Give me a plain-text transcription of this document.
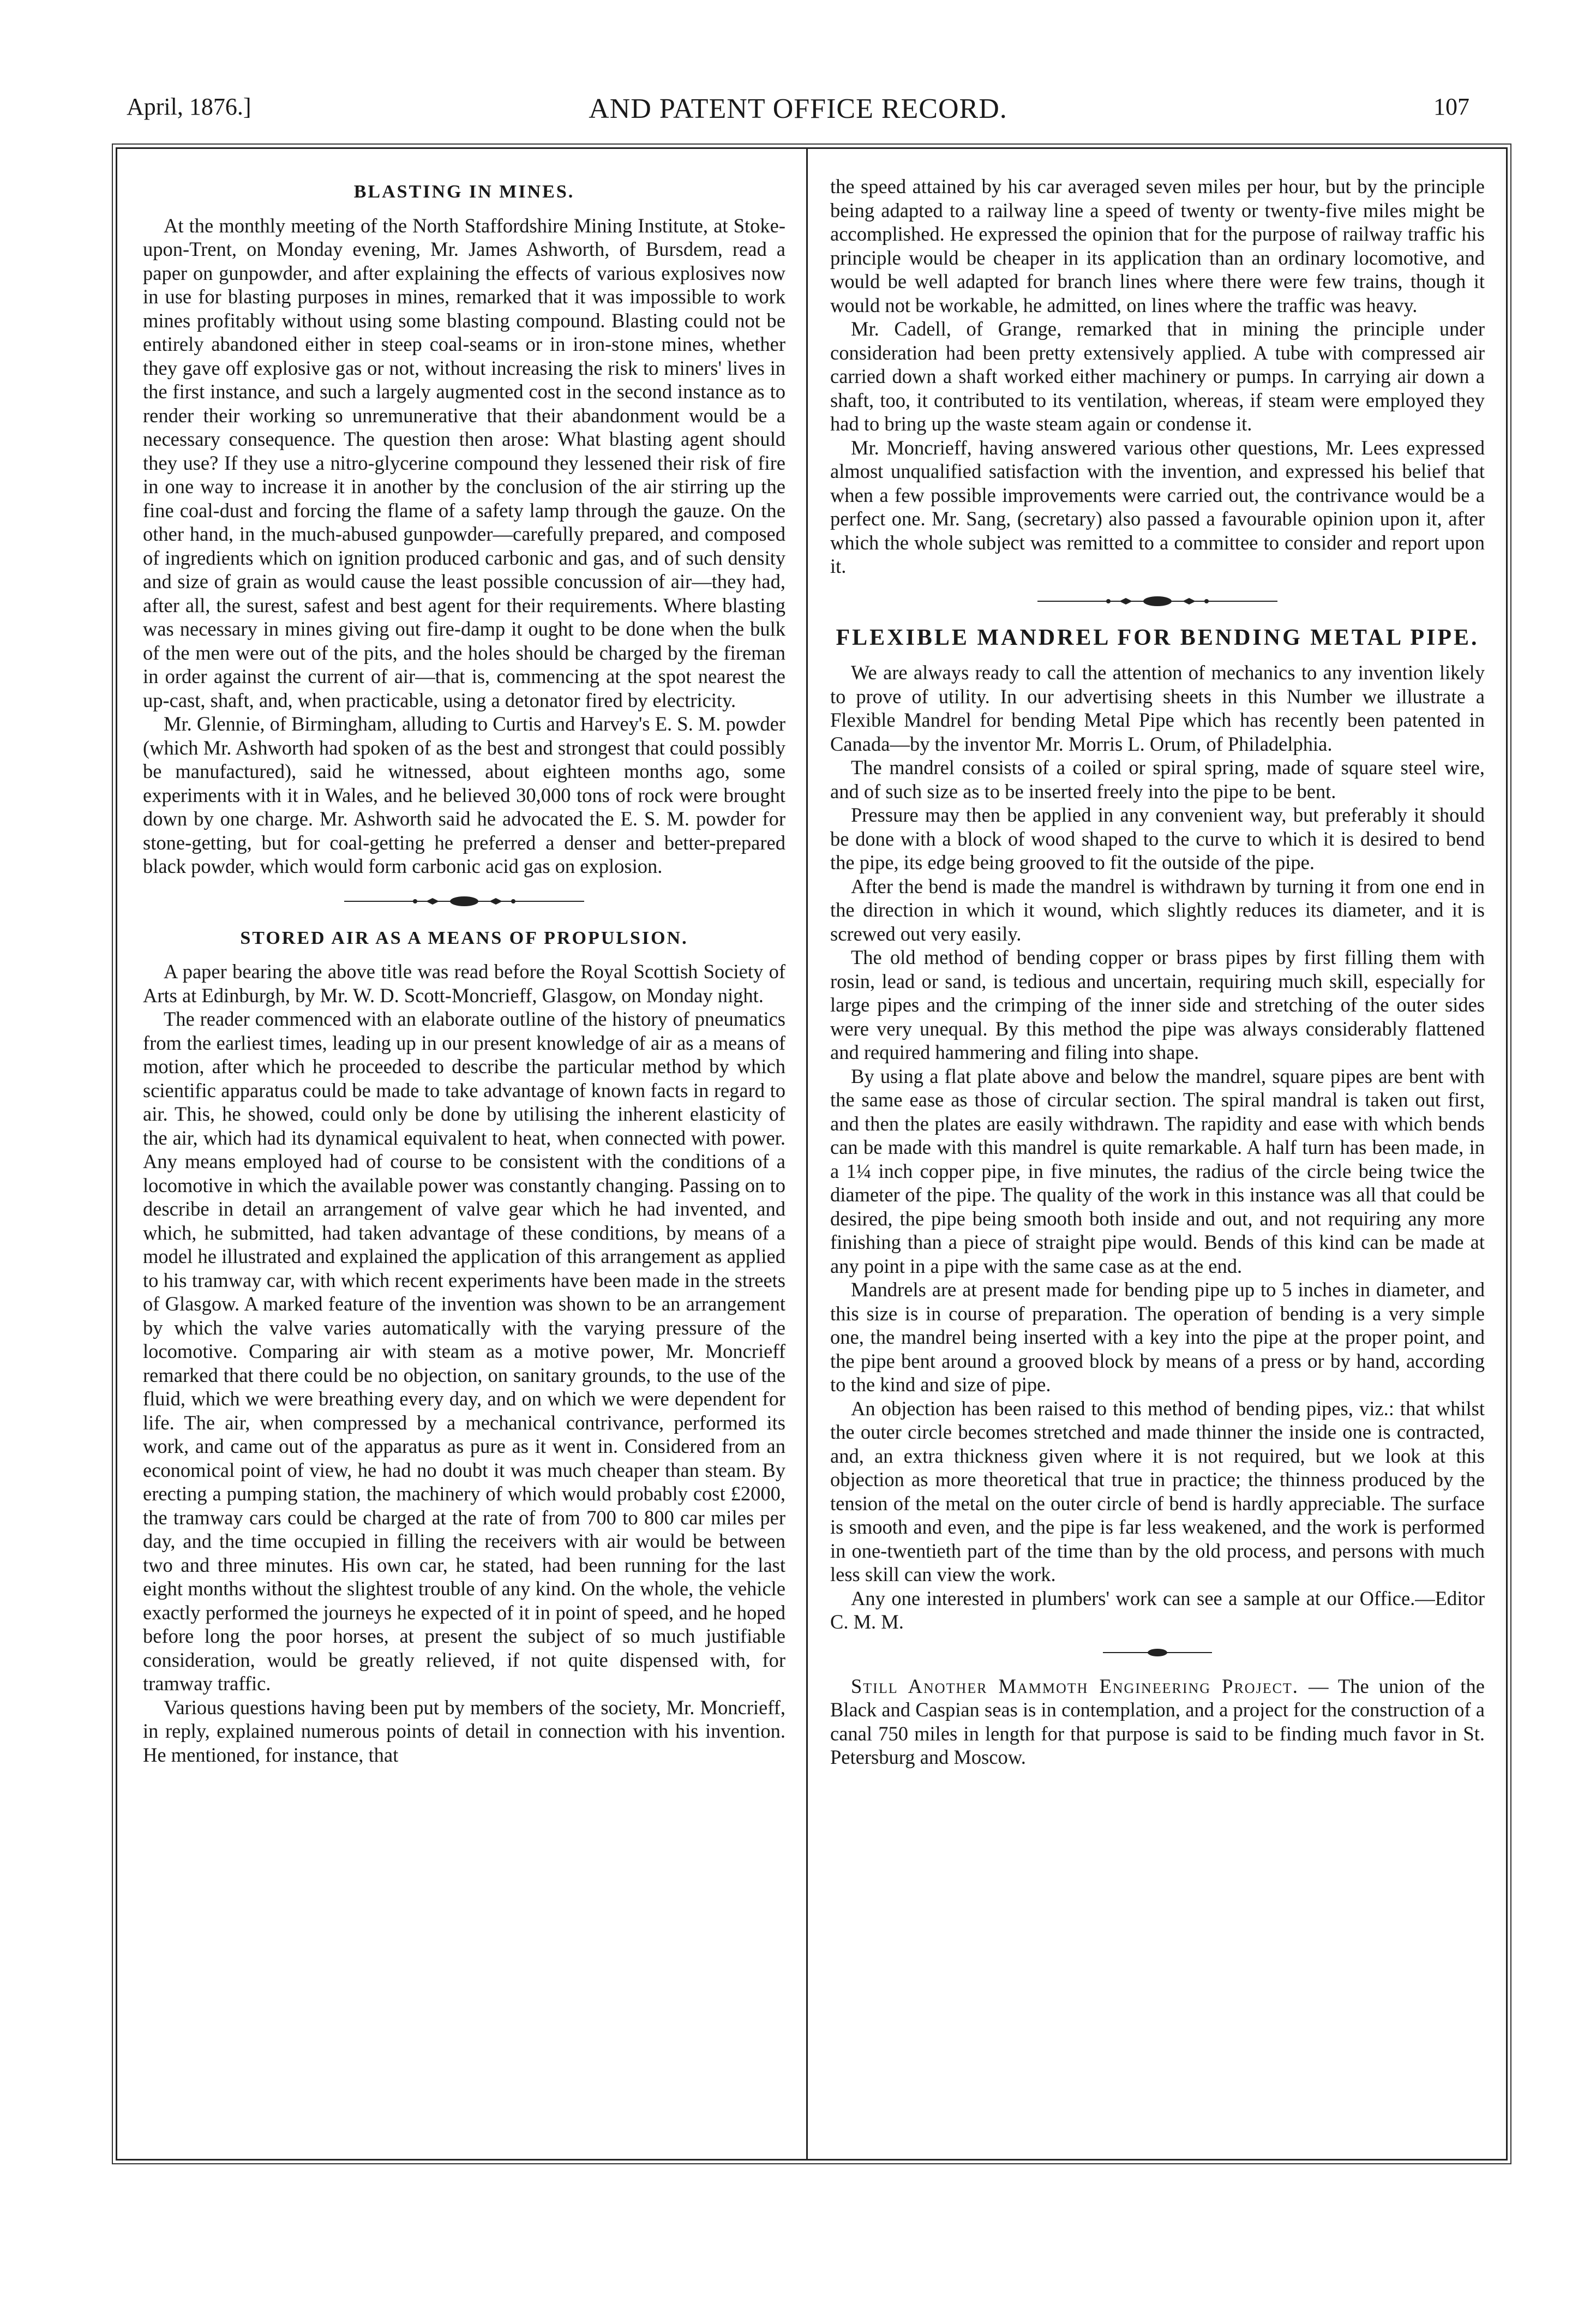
April, 1876.]	AND PATENT OFFICE RECORD.	107
BLASTING IN MINES.

At the monthly meeting of the North Staffordshire Mining Institute, at Stoke-upon-Trent, on Monday evening, Mr. James Ashworth, of Bursdem, read a paper on gunpowder, and after explaining the effects of various explosives now in use for blasting purposes in mines, remarked that it was impossible to work mines profitably without using some blasting compound. Blasting could not be entirely abandoned either in steep coal-seams or in iron-stone mines, whether they gave off explosive gas or not, without increasing the risk to miners' lives in the first instance, and such a largely augmented cost in the second instance as to render their working so unremunerative that their abandonment would be a necessary consequence. The question then arose: What blasting agent should they use? If they use a nitro-glycerine compound they lessened their risk of fire in one way to increase it in another by the conclusion of the air stirring up the fine coal-dust and forcing the flame of a safety lamp through the gauze. On the other hand, in the much-abused gunpowder—carefully prepared, and composed of ingredients which on ignition produced carbonic and gas, and of such density and size of grain as would cause the least possible concussion of air—they had, after all, the surest, safest and best agent for their requirements. Where blasting was necessary in mines giving out fire-damp it ought to be done when the bulk of the men were out of the pits, and the holes should be charged by the fireman in order against the current of air—that is, commencing at the spot nearest the up-cast, shaft, and, when practicable, using a detonator fired by electricity.

Mr. Glennie, of Birmingham, alluding to Curtis and Harvey's E. S. M. powder (which Mr. Ashworth had spoken of as the best and strongest that could possibly be manufactured), said he witnessed, about eighteen months ago, some experiments with it in Wales, and he believed 30,000 tons of rock were brought down by one charge. Mr. Ashworth said he advocated the E. S. M. powder for stone-getting, but for coal-getting he preferred a denser and better-prepared black powder, which would form carbonic acid gas on explosion.

STORED AIR AS A MEANS OF PROPULSION.

A paper bearing the above title was read before the Royal Scottish Society of Arts at Edinburgh, by Mr. W. D. Scott-Moncrieff, Glasgow, on Monday night.

The reader commenced with an elaborate outline of the history of pneumatics from the earliest times, leading up in our present knowledge of air as a means of motion, after which he proceeded to describe the particular method by which scientific apparatus could be made to take advantage of known facts in regard to air. This, he showed, could only be done by utilising the inherent elasticity of the air, which had its dynamical equivalent to heat, when connected with power. Any means employed had of course to be consistent with the conditions of a locomotive in which the available power was constantly changing. Passing on to describe in detail an arrangement of valve gear which he had invented, and which, he submitted, had taken advantage of these conditions, by means of a model he illustrated and explained the application of this arrangement as applied to his tramway car, with which recent experiments have been made in the streets of Glasgow. A marked feature of the invention was shown to be an arrangement by which the valve varies automatically with the varying pressure of the locomotive. Comparing air with steam as a motive power, Mr. Moncrieff remarked that there could be no objection, on sanitary grounds, to the use of the fluid, which we were breathing every day, and on which we were dependent for life. The air, when compressed by a mechanical contrivance, performed its work, and came out of the apparatus as pure as it went in. Considered from an economical point of view, he had no doubt it was much cheaper than steam. By erecting a pumping station, the machinery of which would probably cost £2000, the tramway cars could be charged at the rate of from 700 to 800 car miles per day, and the time occupied in filling the receivers with air would be between two and three minutes. His own car, he stated, had been running for the last eight months without the slightest trouble of any kind. On the whole, the vehicle exactly performed the journeys he expected of it in point of speed, and he hoped before long the poor horses, at present the subject of so much justifiable consideration, would be greatly relieved, if not quite dispensed with, for tramway traffic.

Various questions having been put by members of the society, Mr. Moncrieff, in reply, explained numerous points of detail in connection with his invention. He mentioned, for instance, that

the speed attained by his car averaged seven miles per hour, but by the principle being adapted to a railway line a speed of twenty or twenty-five miles might be accomplished. He expressed the opinion that for the purpose of railway traffic his principle would be cheaper in its application than an ordinary locomotive, and would be well adapted for branch lines where there were few trains, though it would not be workable, he admitted, on lines where the traffic was heavy.

Mr. Cadell, of Grange, remarked that in mining the principle under consideration had been pretty extensively applied. A tube with compressed air carried down a shaft worked either machinery or pumps. In carrying air down a shaft, too, it contributed to its ventilation, whereas, if steam were employed they had to bring up the waste steam again or condense it.

Mr. Moncrieff, having answered various other questions, Mr. Lees expressed almost unqualified satisfaction with the invention, and expressed his belief that when a few possible improvements were carried out, the contrivance would be a perfect one. Mr. Sang, (secretary) also passed a favourable opinion upon it, after which the whole subject was remitted to a committee to consider and report upon it.

FLEXIBLE MANDREL FOR BENDING METAL PIPE.

We are always ready to call the attention of mechanics to any invention likely to prove of utility. In our advertising sheets in this Number we illustrate a Flexible Mandrel for bending Metal Pipe which has recently been patented in Canada—by the inventor Mr. Morris L. Orum, of Philadelphia.

The mandrel consists of a coiled or spiral spring, made of square steel wire, and of such size as to be inserted freely into the pipe to be bent.

Pressure may then be applied in any convenient way, but preferably it should be done with a block of wood shaped to the curve to which it is desired to bend the pipe, its edge being grooved to fit the outside of the pipe.

After the bend is made the mandrel is withdrawn by turning it from one end in the direction in which it wound, which slightly reduces its diameter, and it is screwed out very easily.

The old method of bending copper or brass pipes by first filling them with rosin, lead or sand, is tedious and uncertain, requiring much skill, especially for large pipes and the crimping of the inner side and stretching of the outer sides were very unequal. By this method the pipe was always considerably flattened and required hammering and filing into shape.

By using a flat plate above and below the mandrel, square pipes are bent with the same ease as those of circular section. The spiral mandral is taken out first, and then the plates are easily withdrawn. The rapidity and ease with which bends can be made with this mandrel is quite remarkable. A half turn has been made, in a 1¼ inch copper pipe, in five minutes, the radius of the circle being twice the diameter of the pipe. The quality of the work in this instance was all that could be desired, the pipe being smooth both inside and out, and not requiring any more finishing than a piece of straight pipe would. Bends of this kind can be made at any point in a pipe with the same case as at the end.

Mandrels are at present made for bending pipe up to 5 inches in diameter, and this size is in course of preparation. The operation of bending is a very simple one, the mandrel being inserted with a key into the pipe at the proper point, and the pipe bent around a grooved block by means of a press or by hand, according to the kind and size of pipe.

An objection has been raised to this method of bending pipes, viz.: that whilst the outer circle becomes stretched and made thinner the inside one is contracted, and, an extra thickness given where it is not required, but we look at this objection as more theoretical that true in practice; the thinness produced by the tension of the metal on the outer circle of bend is hardly appreciable. The surface is smooth and even, and the pipe is far less weakened, and the work is performed in one-twentieth part of the time than by the old process, and persons with much less skill can view the work.

Any one interested in plumbers' work can see a sample at our Office.—Editor C. M. M.

Still Another Mammoth Engineering Project. — The union of the Black and Caspian seas is in contemplation, and a project for the construction of a canal 750 miles in length for that purpose is said to be finding much favor in St. Petersburg and Moscow.
